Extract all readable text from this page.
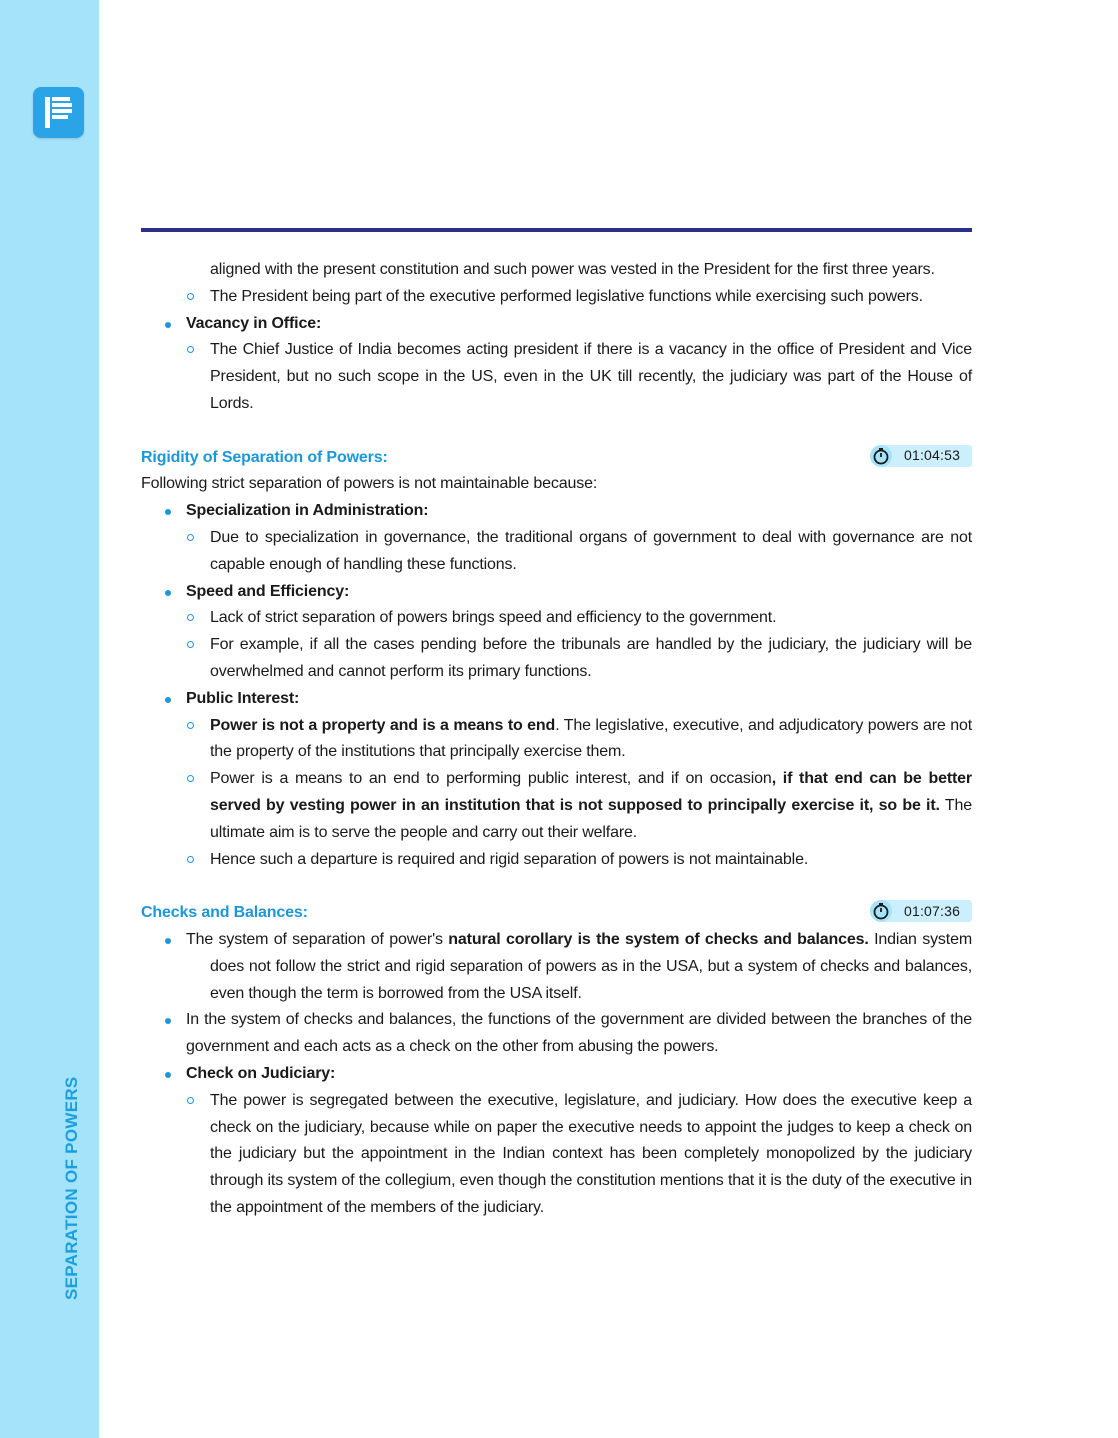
SEPARATION OF POWERS
aligned with the present constitution and such power was vested in the President for the first three years.
The President being part of the executive performed legislative functions while exercising such powers.
Vacancy in Office:
The Chief Justice of India becomes acting president if there is a vacancy in the office of President and Vice President, but no such scope in the US, even in the UK till recently, the judiciary was part of the House of Lords.
Rigidity of Separation of Powers:	01:04:53

Following strict separation of powers is not maintainable because:

Specialization in Administration:
Due to specialization in governance, the traditional organs of government to deal with governance are not capable enough of handling these functions.
Speed and Efficiency:
Lack of strict separation of powers brings speed and efficiency to the government.
For example, if all the cases pending before the tribunals are handled by the judiciary, the judiciary will be overwhelmed and cannot perform its primary functions.
Public Interest:
Power is not a property and is a means to end. The legislative, executive, and adjudicatory powers are not the property of the institutions that principally exercise them.
Power is a means to an end to performing public interest, and if on occasion, if that end can be better served by vesting power in an institution that is not supposed to principally exercise it, so be it. The ultimate aim is to serve the people and carry out their welfare.
Hence such a departure is required and rigid separation of powers is not maintainable.
Checks and Balances:	01:07:36
The system of separation of power's natural corollary is the system of checks and balances. Indian system does not follow the strict and rigid separation of powers as in the USA, but a system of checks and balances, even though the term is borrowed from the USA itself.
In the system of checks and balances, the functions of the government are divided between the branches of the government and each acts as a check on the other from abusing the powers.
Check on Judiciary:
The power is segregated between the executive, legislature, and judiciary. How does the executive keep a check on the judiciary, because while on paper the executive needs to appoint the judges to keep a check on the judiciary but the appointment in the Indian context has been completely monopolized by the judiciary through its system of the collegium, even though the constitution mentions that it is the duty of the executive in the appointment of the members of the judiciary.
